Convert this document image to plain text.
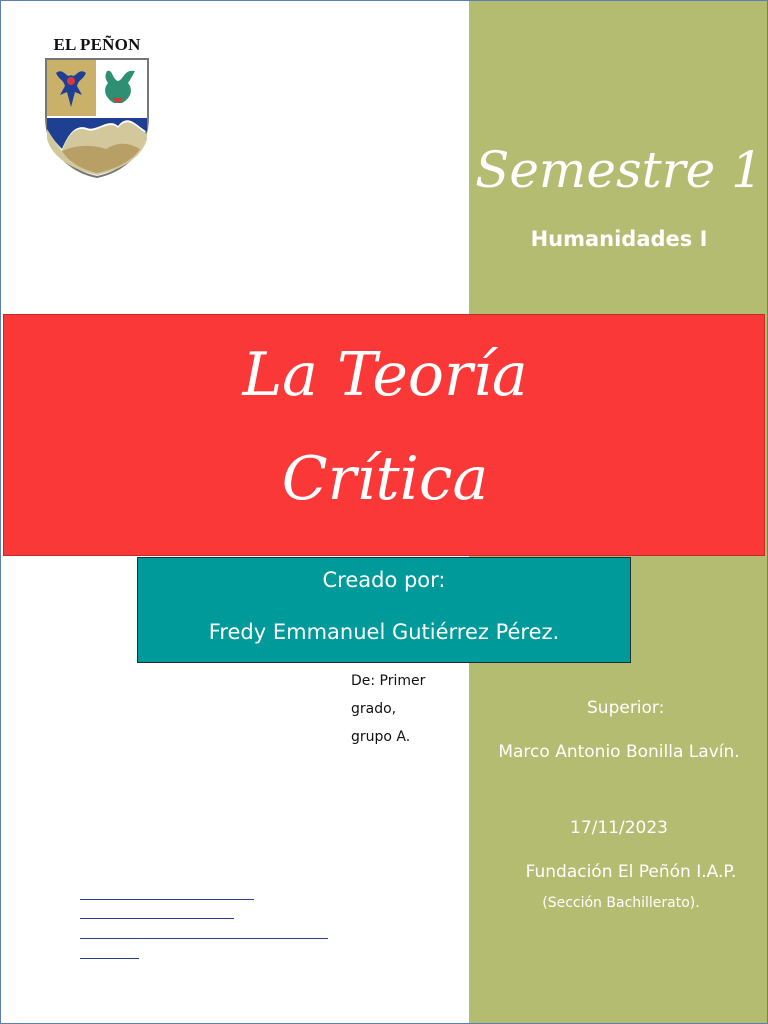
EL PEÑON
Semestre 1
Humanidades I
La Teoría
Crítica
Creado por:
Fredy Emmanuel Gutiérrez Pérez.
De: Primer
grado,
grupo A.
Superior:
Marco Antonio Bonilla Lavín.
17/11/2023
Fundación El Peñón I.A.P.
(Sección Bachillerato).
